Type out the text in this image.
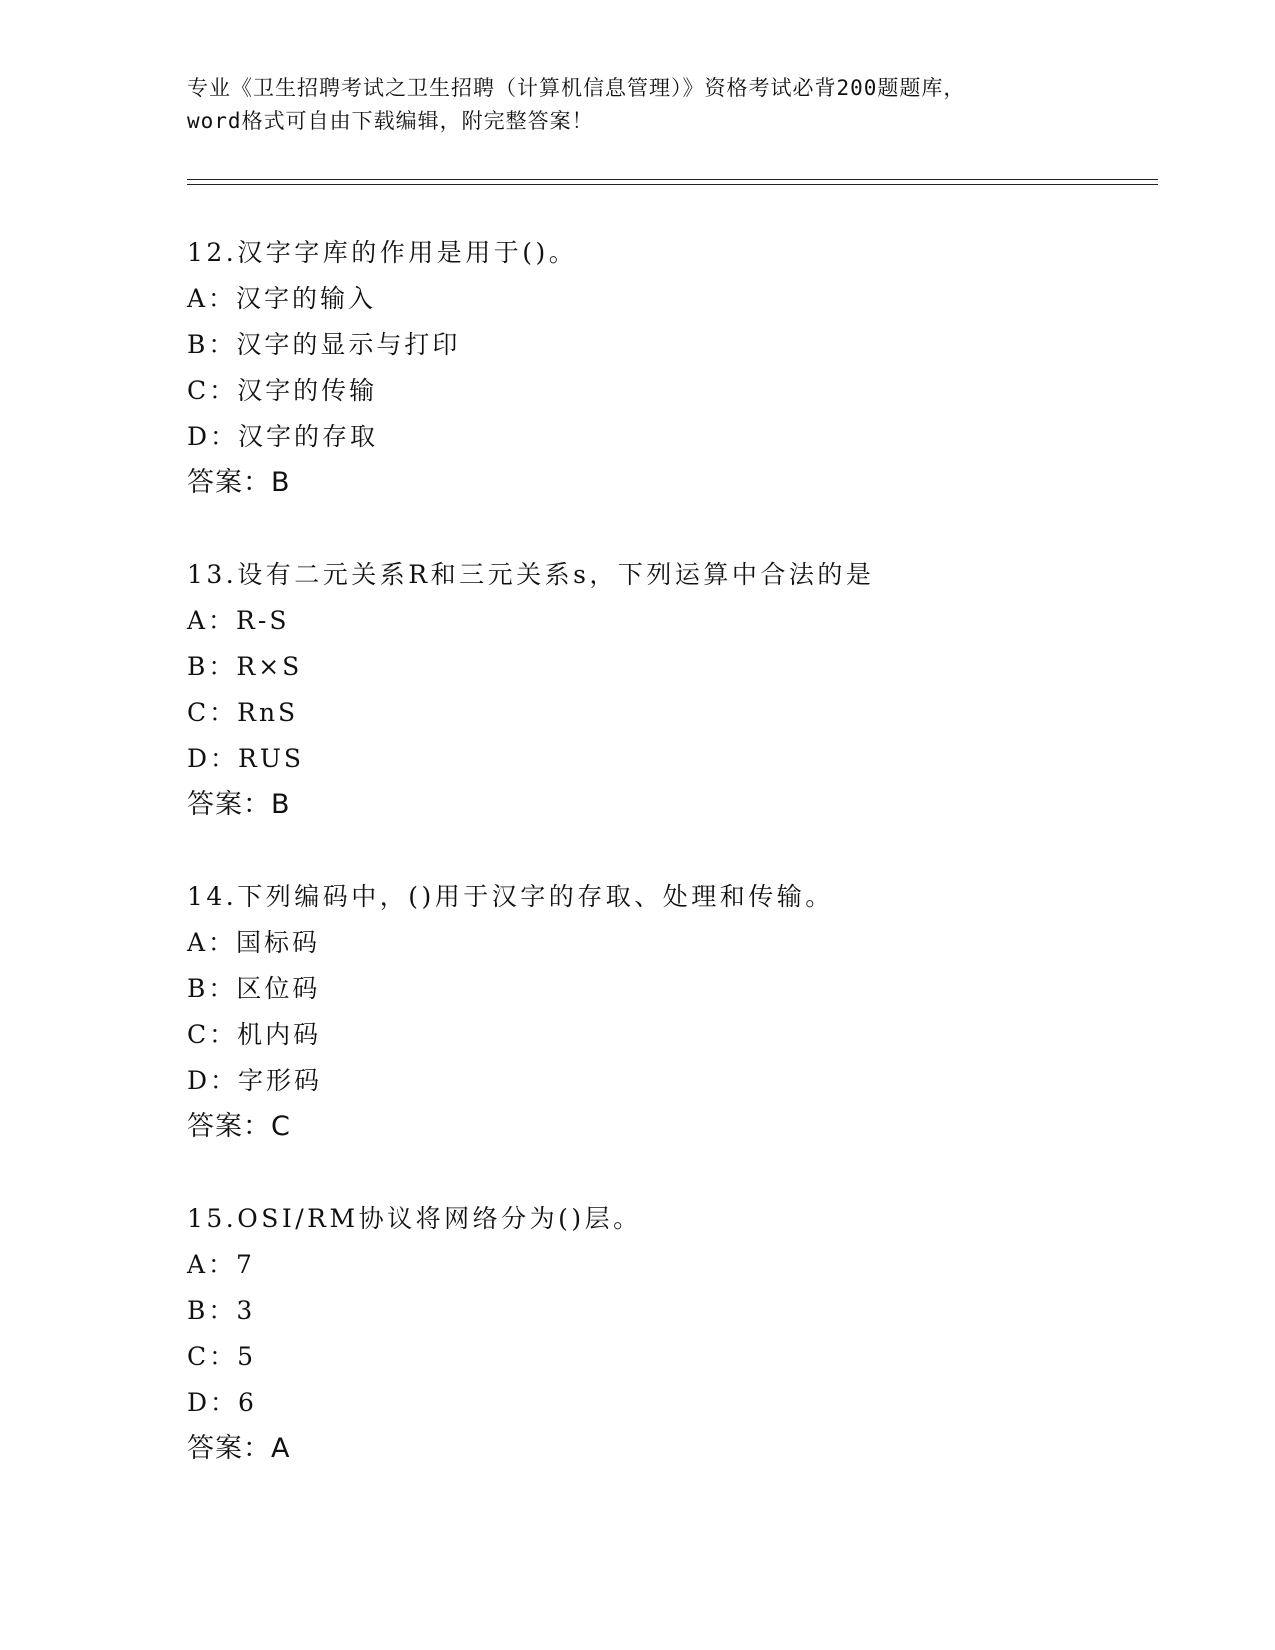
专业《卫生招聘考试之卫生招聘（计算机信息管理）》资格考试必背200题题库，
word格式可自由下载编辑，附完整答案！
12.汉字字库的作用是用于()。
A：汉字的输入
B：汉字的显示与打印
C：汉字的传输
D：汉字的存取
答案：B
13.设有二元关系R和三元关系s，下列运算中合法的是
A：R-S
B：R×S
C：RnS
D：RUS
答案：B
14.下列编码中，()用于汉字的存取、处理和传输。
A：国标码
B：区位码
C：机内码
D：字形码
答案：C
15.OSI/RM协议将网络分为()层。
A：7
B：3
C：5
D：6
答案：A
